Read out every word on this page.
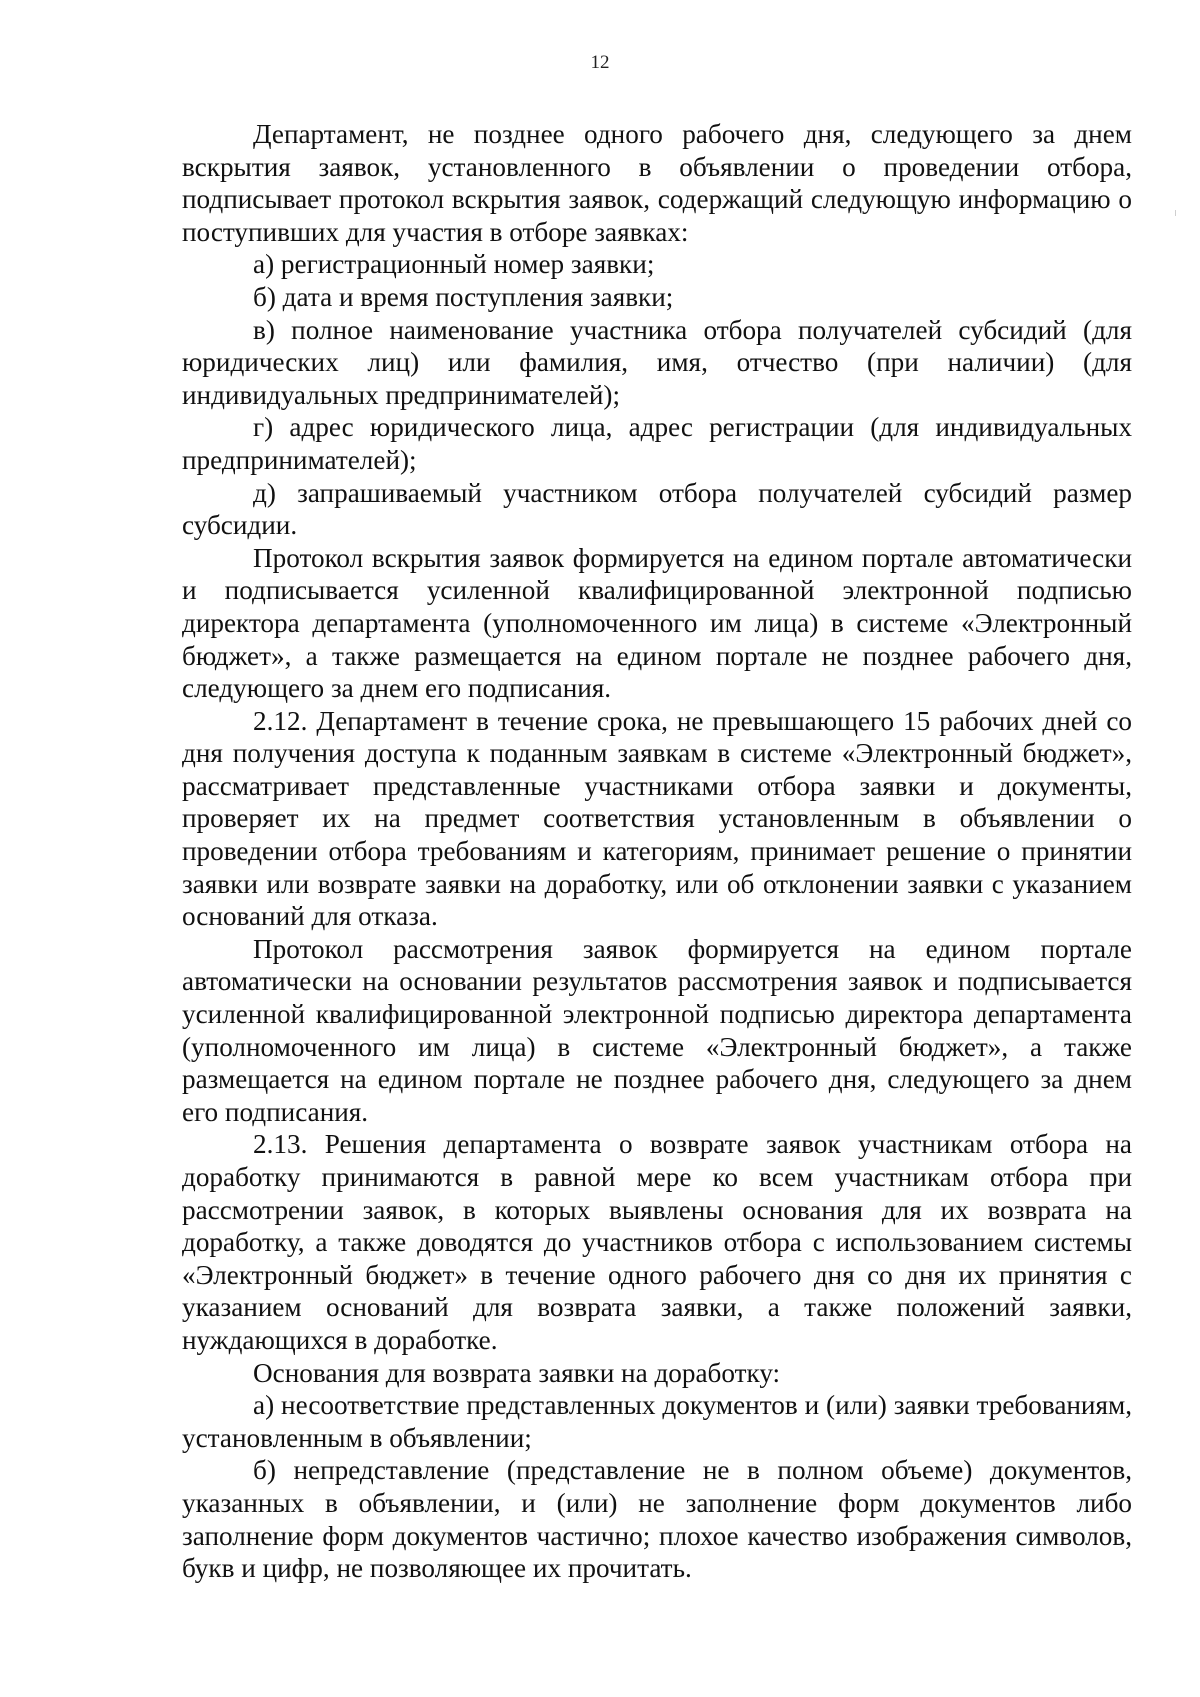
12

Департамент, не позднее одного рабочего дня, следующего за днем вскрытия заявок, установленного в объявлении о проведении отбора, подписывает протокол вскрытия заявок, содержащий следующую информацию о поступивших для участия в отборе заявках:

а) регистрационный номер заявки;

б) дата и время поступления заявки;

в) полное наименование участника отбора получателей субсидий (для юридических лиц) или фамилия, имя, отчество (при наличии) (для индивидуальных предпринимателей);

г) адрес юридического лица, адрес регистрации (для индивидуальных предпринимателей);

д) запрашиваемый участником отбора получателей субсидий размер субсидии.

Протокол вскрытия заявок формируется на едином портале автоматически и подписывается усиленной квалифицированной электронной подписью директора департамента (уполномоченного им лица) в системе «Электронный бюджет», а также размещается на едином портале не позднее рабочего дня, следующего за днем его подписания.

2.12. Департамент в течение срока, не превышающего 15 рабочих дней со дня получения доступа к поданным заявкам в системе «Электронный бюджет», рассматривает представленные участниками отбора заявки и документы, проверяет их на предмет соответствия установленным в объявлении о проведении отбора требованиям и категориям, принимает решение о принятии заявки или возврате заявки на доработку, или об отклонении заявки с указанием оснований для отказа.

Протокол рассмотрения заявок формируется на едином портале автоматически на основании результатов рассмотрения заявок и подписывается усиленной квалифицированной электронной подписью директора департамента (уполномоченного им лица) в системе «Электронный бюджет», а также размещается на едином портале не позднее рабочего дня, следующего за днем его подписания.

2.13. Решения департамента о возврате заявок участникам отбора на доработку принимаются в равной мере ко всем участникам отбора при рассмотрении заявок, в которых выявлены основания для их возврата на доработку, а также доводятся до участников отбора с использованием системы «Электронный бюджет» в течение одного рабочего дня со дня их принятия с указанием оснований для возврата заявки, а также положений заявки, нуждающихся в доработке.

Основания для возврата заявки на доработку:

а) несоответствие представленных документов и (или) заявки требованиям, установленным в объявлении;

б) непредставление (представление не в полном объеме) документов, указанных в объявлении, и (или) не заполнение форм документов либо заполнение форм документов частично; плохое качество изображения символов, букв и цифр, не позволяющее их прочитать.
